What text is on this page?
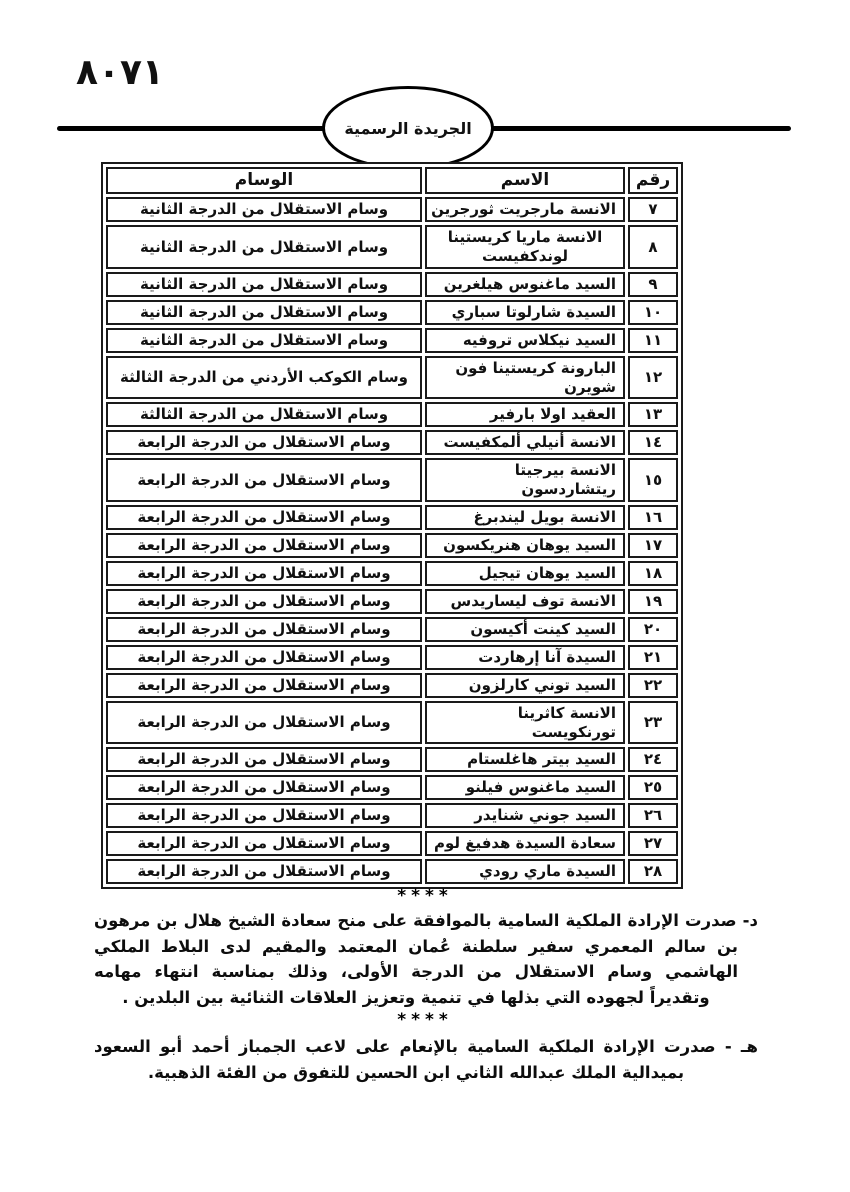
٨٠٧١
الجريدة الرسمية
رقم	الاسم	الوسام
٧	الانسة مارجريت ثورجرين	وسام الاستقلال من الدرجة الثانية
٨	الانسة ماريا كريستينا لوندكفيست	وسام الاستقلال من الدرجة الثانية
٩	السيد ماغنوس هيلغرين	وسام الاستقلال من الدرجة الثانية
١٠	السيدة شارلوتا سباري	وسام الاستقلال من الدرجة الثانية
١١	السيد نيكلاس تروفيه	وسام الاستقلال من الدرجة الثانية
١٢	البارونة كريستينا فون شويرن	وسام الكوكب الأردني من الدرجة الثالثة
١٣	العقيد اولا بارفير	وسام الاستقلال من الدرجة الثالثة
١٤	الانسة أنيلي ألمكفيست	وسام الاستقلال من الدرجة الرابعة
١٥	الانسة بيرجيتا ريتشاردسون	وسام الاستقلال من الدرجة الرابعة
١٦	الانسة بويل ليندبرغ	وسام الاستقلال من الدرجة الرابعة
١٧	السيد يوهان هنريكسون	وسام الاستقلال من الدرجة الرابعة
١٨	السيد يوهان تيجيل	وسام الاستقلال من الدرجة الرابعة
١٩	الانسة توف ليساريدس	وسام الاستقلال من الدرجة الرابعة
٢٠	السيد كينت أكيسون	وسام الاستقلال من الدرجة الرابعة
٢١	السيدة آنا إرهاردت	وسام الاستقلال من الدرجة الرابعة
٢٢	السيد توني كارلزون	وسام الاستقلال من الدرجة الرابعة
٢٣	الانسة كاثرينا تورنكويست	وسام الاستقلال من الدرجة الرابعة
٢٤	السيد بيتر هاغلستام	وسام الاستقلال من الدرجة الرابعة
٢٥	السيد ماغنوس فيلنو	وسام الاستقلال من الدرجة الرابعة
٢٦	السيد جوني شنايدر	وسام الاستقلال من الدرجة الرابعة
٢٧	سعادة السيدة هدفيغ لوم	وسام الاستقلال من الدرجة الرابعة
٢٨	السيدة ماري رودي	وسام الاستقلال من الدرجة الرابعة
****
د- صدرت الإرادة الملكية السامية بالموافقة على منح سعادة الشيخ هلال بن مرهون بن سالم المعمري سفير سلطنة عُمان المعتمد والمقيم لدى البلاط الملكي الهاشمي وسام الاستقلال من الدرجة الأولى، وذلك بمناسبة انتهاء مهامه وتقديراً لجهوده التي بذلها في تنمية وتعزيز العلاقات الثنائية بين البلدين .
****
هـ - صدرت الإرادة الملكية السامية بالإنعام على لاعب الجمباز أحمد أبو السعود بميدالية الملك عبدالله الثاني ابن الحسين للتفوق من الفئة الذهبية.
